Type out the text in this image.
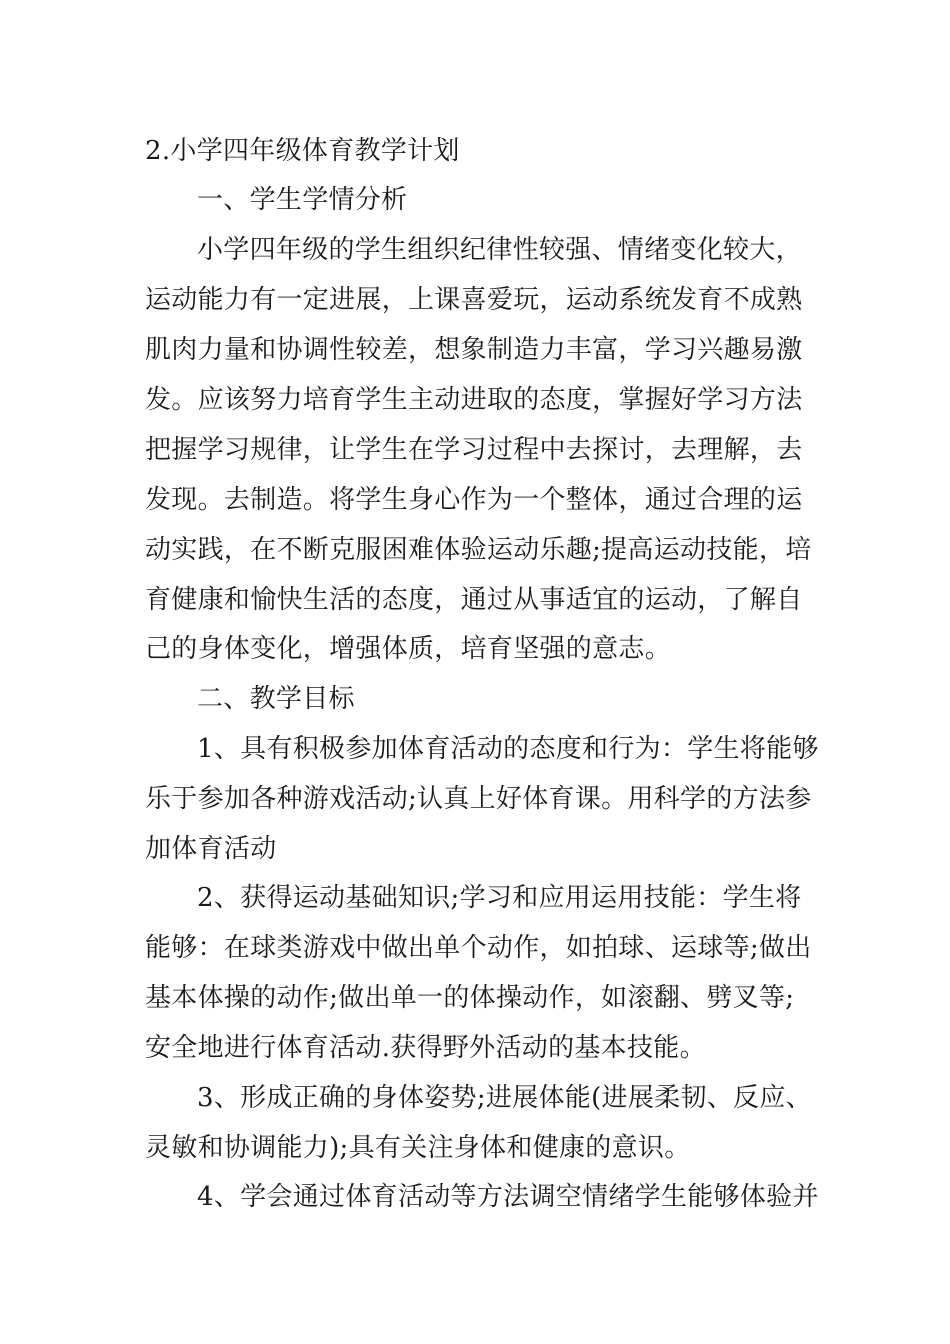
2.小学四年级体育教学计划
一、学生学情分析
小学四年级的学生组织纪律性较强、情绪变化较大，
运动能力有一定进展，上课喜爱玩，运动系统发育不成熟
肌肉力量和协调性较差，想象制造力丰富，学习兴趣易激
发。应该努力培育学生主动进取的态度，掌握好学习方法
把握学习规律，让学生在学习过程中去探讨，去理解，去
发现。去制造。将学生身心作为一个整体，通过合理的运
动实践，在不断克服困难体验运动乐趣;提高运动技能，培
育健康和愉快生活的态度，通过从事适宜的运动，了解自
己的身体变化，增强体质，培育坚强的意志。
二、教学目标
1、具有积极参加体育活动的态度和行为：学生将能够
乐于参加各种游戏活动;认真上好体育课。用科学的方法参
加体育活动
2、获得运动基础知识;学习和应用运用技能：学生将
能够：在球类游戏中做出单个动作，如拍球、运球等;做出
基本体操的动作;做出单一的体操动作，如滚翻、劈叉等;
安全地进行体育活动.获得野外活动的基本技能。
3、形成正确的身体姿势;进展体能(进展柔韧、反应、
灵敏和协调能力);具有关注身体和健康的意识。
4、学会通过体育活动等方法调空情绪学生能够体验并
